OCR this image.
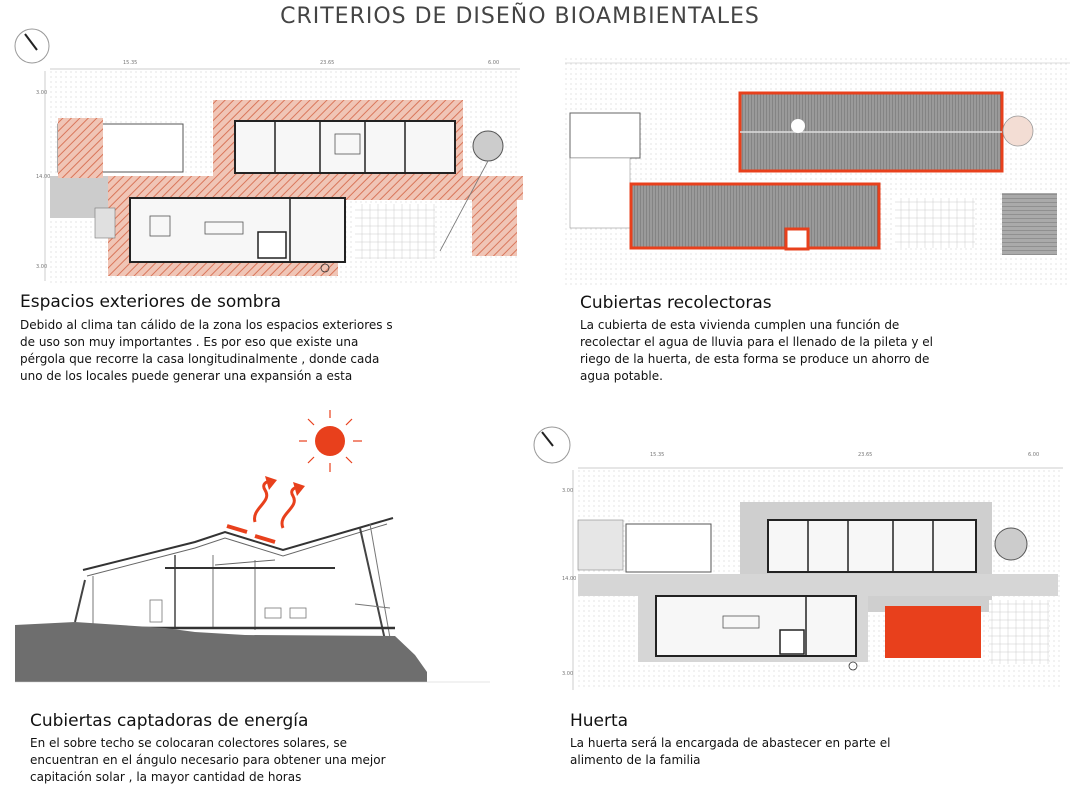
CRITERIOS DE DISEÑO BIOAMBIENTALES
15.35	23.65	6.00
3.00
14.00
3.00
Espacios exteriores de sombra
Debido al clima tan cálido de la zona los espacios exteriores s
de uso son muy importantes . Es por eso que existe una
pérgola que recorre la casa longitudinalmente , donde cada
uno de los locales puede generar una expansión a esta
Cubiertas recolectoras
La cubierta de esta vivienda cumplen una función de
recolectar el agua de lluvia para el llenado de la pileta y el
riego de la huerta, de esta forma se produce un ahorro de
agua potable.
Cubiertas captadoras de energía
En el sobre techo se colocaran colectores solares, se
encuentran en el ángulo necesario para obtener una mejor
capitación solar , la mayor cantidad de horas
15.35	23.65	6.00
3.00
14.00
3.00
Huerta
La huerta será la encargada de abastecer en parte el
alimento de la familia
